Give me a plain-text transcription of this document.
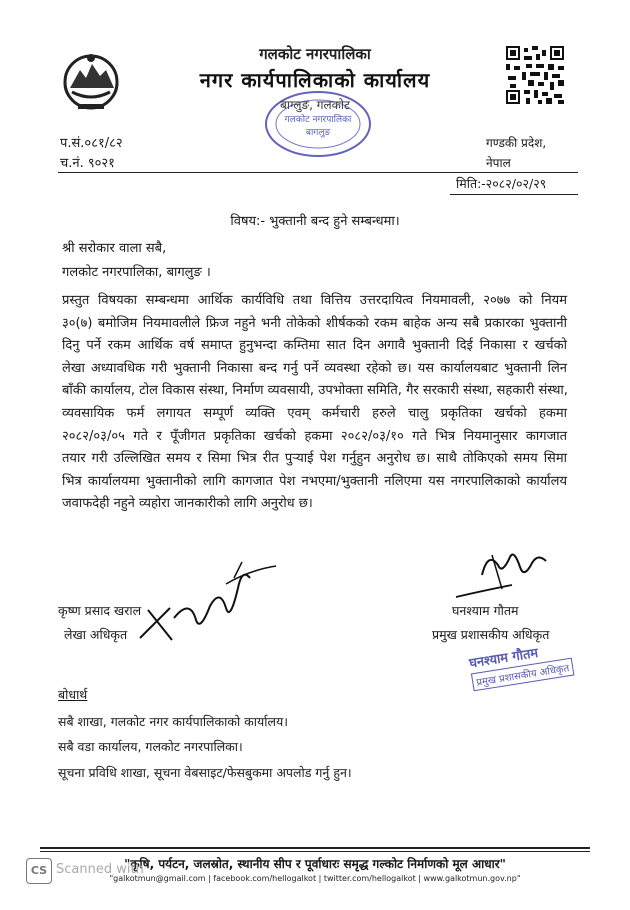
गलकोट नगरपालिका
नगर कार्यपालिकाको कार्यालय
बाग्लुङ, गलकोट
गलकोट नगरपालिका
बागलुङ
प.सं.०८१/८२
च.नं. ९०२१
गण्डकी प्रदेश,
नेपाल
मिति:-२०८२/०२/२९
विषय:- भुक्तानी बन्द हुने सम्बन्धमा।
श्री सरोकार वाला सबै,
गलकोट नगरपालिका, बागलुङ ।
प्रस्तुत विषयका सम्बन्धमा आर्थिक कार्यविधि तथा वित्तिय उत्तरदायित्व नियमावली, २०७७ को नियम
३०(७) बमोजिम नियमावलीले फ्रिज नहुने भनी तोकेको शीर्षकको रकम बाहेक अन्य सबै प्रकारका भुक्तानी
दिनु पर्ने रकम आर्थिक वर्ष समाप्त हुनुभन्दा कम्तिमा सात दिन अगावै भुक्तानी दिई निकासा र खर्चको
लेखा अध्यावधिक गरी भुक्तानी निकासा बन्द गर्नु पर्ने व्यवस्था रहेको छ। यस कार्यालयबाट भुक्तानी लिन
बाँकी कार्यालय, टोल विकास संस्था, निर्माण व्यवसायी, उपभोक्ता समिति, गैर सरकारी संस्था, सहकारी संस्था,
व्यवसायिक फर्म लगायत सम्पूर्ण व्यक्ति एवम् कर्मचारी हरुले चालु प्रकृतिका खर्चको हकमा
२०८२/०३/०५ गते र पूँजीगत प्रकृतिका खर्चको हकमा २०८२/०३/१० गते भित्र नियमानुसार कागजात
तयार गरी उल्लिखित समय र सिमा भित्र रीत पुऱ्याई पेश गर्नुहुन अनुरोध छ। साथै तोकिएको समय सिमा
भित्र कार्यालयमा भुक्तानीको लागि कागजात पेश नभएमा/भुक्तानी नलिएमा यस नगरपालिकाको कार्यालय
जवाफदेही नहुने व्यहोरा जानकारीको लागि अनुरोध छ।
कृष्ण प्रसाद खराल
लेखा अधिकृत
घनश्याम गौतम
प्रमुख प्रशासकीय अधिकृत
घनश्याम गौतम
प्रमुख प्रशासकीय अधिकृत
बोधार्थ
सबै शाखा, गलकोट नगर कार्यपालिकाको कार्यालय।
सबै वडा कार्यालय, गलकोट नगरपालिका।
सूचना प्रविधि शाखा, सूचना वेबसाइट/फेसबुकमा अपलोड गर्नु हुन।
"कृषि, पर्यटन, जलस्रोत, स्थानीय सीप र पूर्वाधारः समृद्ध गल्कोट निर्माणको मूल आधार"
"galkotmun@gmail.com | facebook.com/hellogalkot | twitter.com/hellogalkot | www.galkotmun.gov.np"
CS Scanned with
